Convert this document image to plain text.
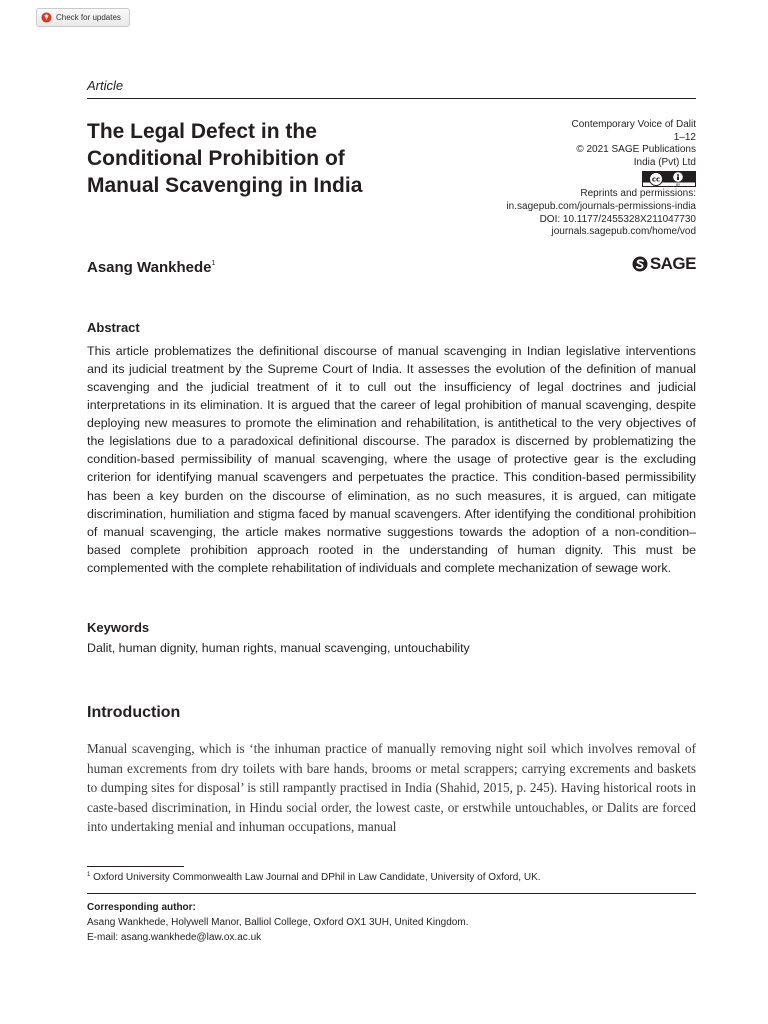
Check for updates
Article
The Legal Defect in the Conditional Prohibition of Manual Scavenging in India
Contemporary Voice of Dalit
1–12
© 2021 SAGE Publications
India (Pvt) Ltd
cc
BY
Reprints and permissions:
in.sagepub.com/journals-permissions-india
DOI: 10.1177/2455328X211047730
journals.sagepub.com/home/vod
SAGE
Asang Wankhede$^1$
Abstract

This article problematizes the definitional discourse of manual scavenging in Indian legislative interventions and its judicial treatment by the Supreme Court of India. It assesses the evolution of the definition of manual scavenging and the judicial treatment of it to cull out the insufficiency of legal doctrines and judicial interpretations in its elimination. It is argued that the career of legal prohibition of manual scavenging, despite deploying new measures to promote the elimination and rehabilitation, is antithetical to the very objectives of the legislations due to a paradoxical definitional discourse. The paradox is discerned by problematizing the condition-based permissibility of manual scavenging, where the usage of protective gear is the excluding criterion for identifying manual scavengers and perpetuates the practice. This condition-based permissibility has been a key burden on the discourse of elimination, as no such measures, it is argued, can mitigate discrimination, humiliation and stigma faced by manual scavengers. After identifying the conditional prohibition of manual scavenging, the article makes normative suggestions towards the adoption of a non-condition–based complete prohibition approach rooted in the understanding of human dignity. This must be complemented with the complete rehabilitation of individuals and complete mechanization of sewage work.

Keywords
Dalit, human dignity, human rights, manual scavenging, untouchability
Introduction

Manual scavenging, which is ‘the inhuman practice of manually removing night soil which involves removal of human excrements from dry toilets with bare hands, brooms or metal scrappers; carrying excrements and baskets to dumping sites for disposal’ is still rampantly practised in India (Shahid, 2015, p. 245). Having historical roots in caste-based discrimination, in Hindu social order, the lowest caste, or erstwhile untouchables, or Dalits are forced into undertaking menial and inhuman occupations, manual

$^1$ Oxford University Commonwealth Law Journal and DPhil in Law Candidate, University of Oxford, UK.
Corresponding author:
Asang Wankhede, Holywell Manor, Balliol College, Oxford OX1 3UH, United Kingdom.
E-mail: asang.wankhede@law.ox.ac.uk
